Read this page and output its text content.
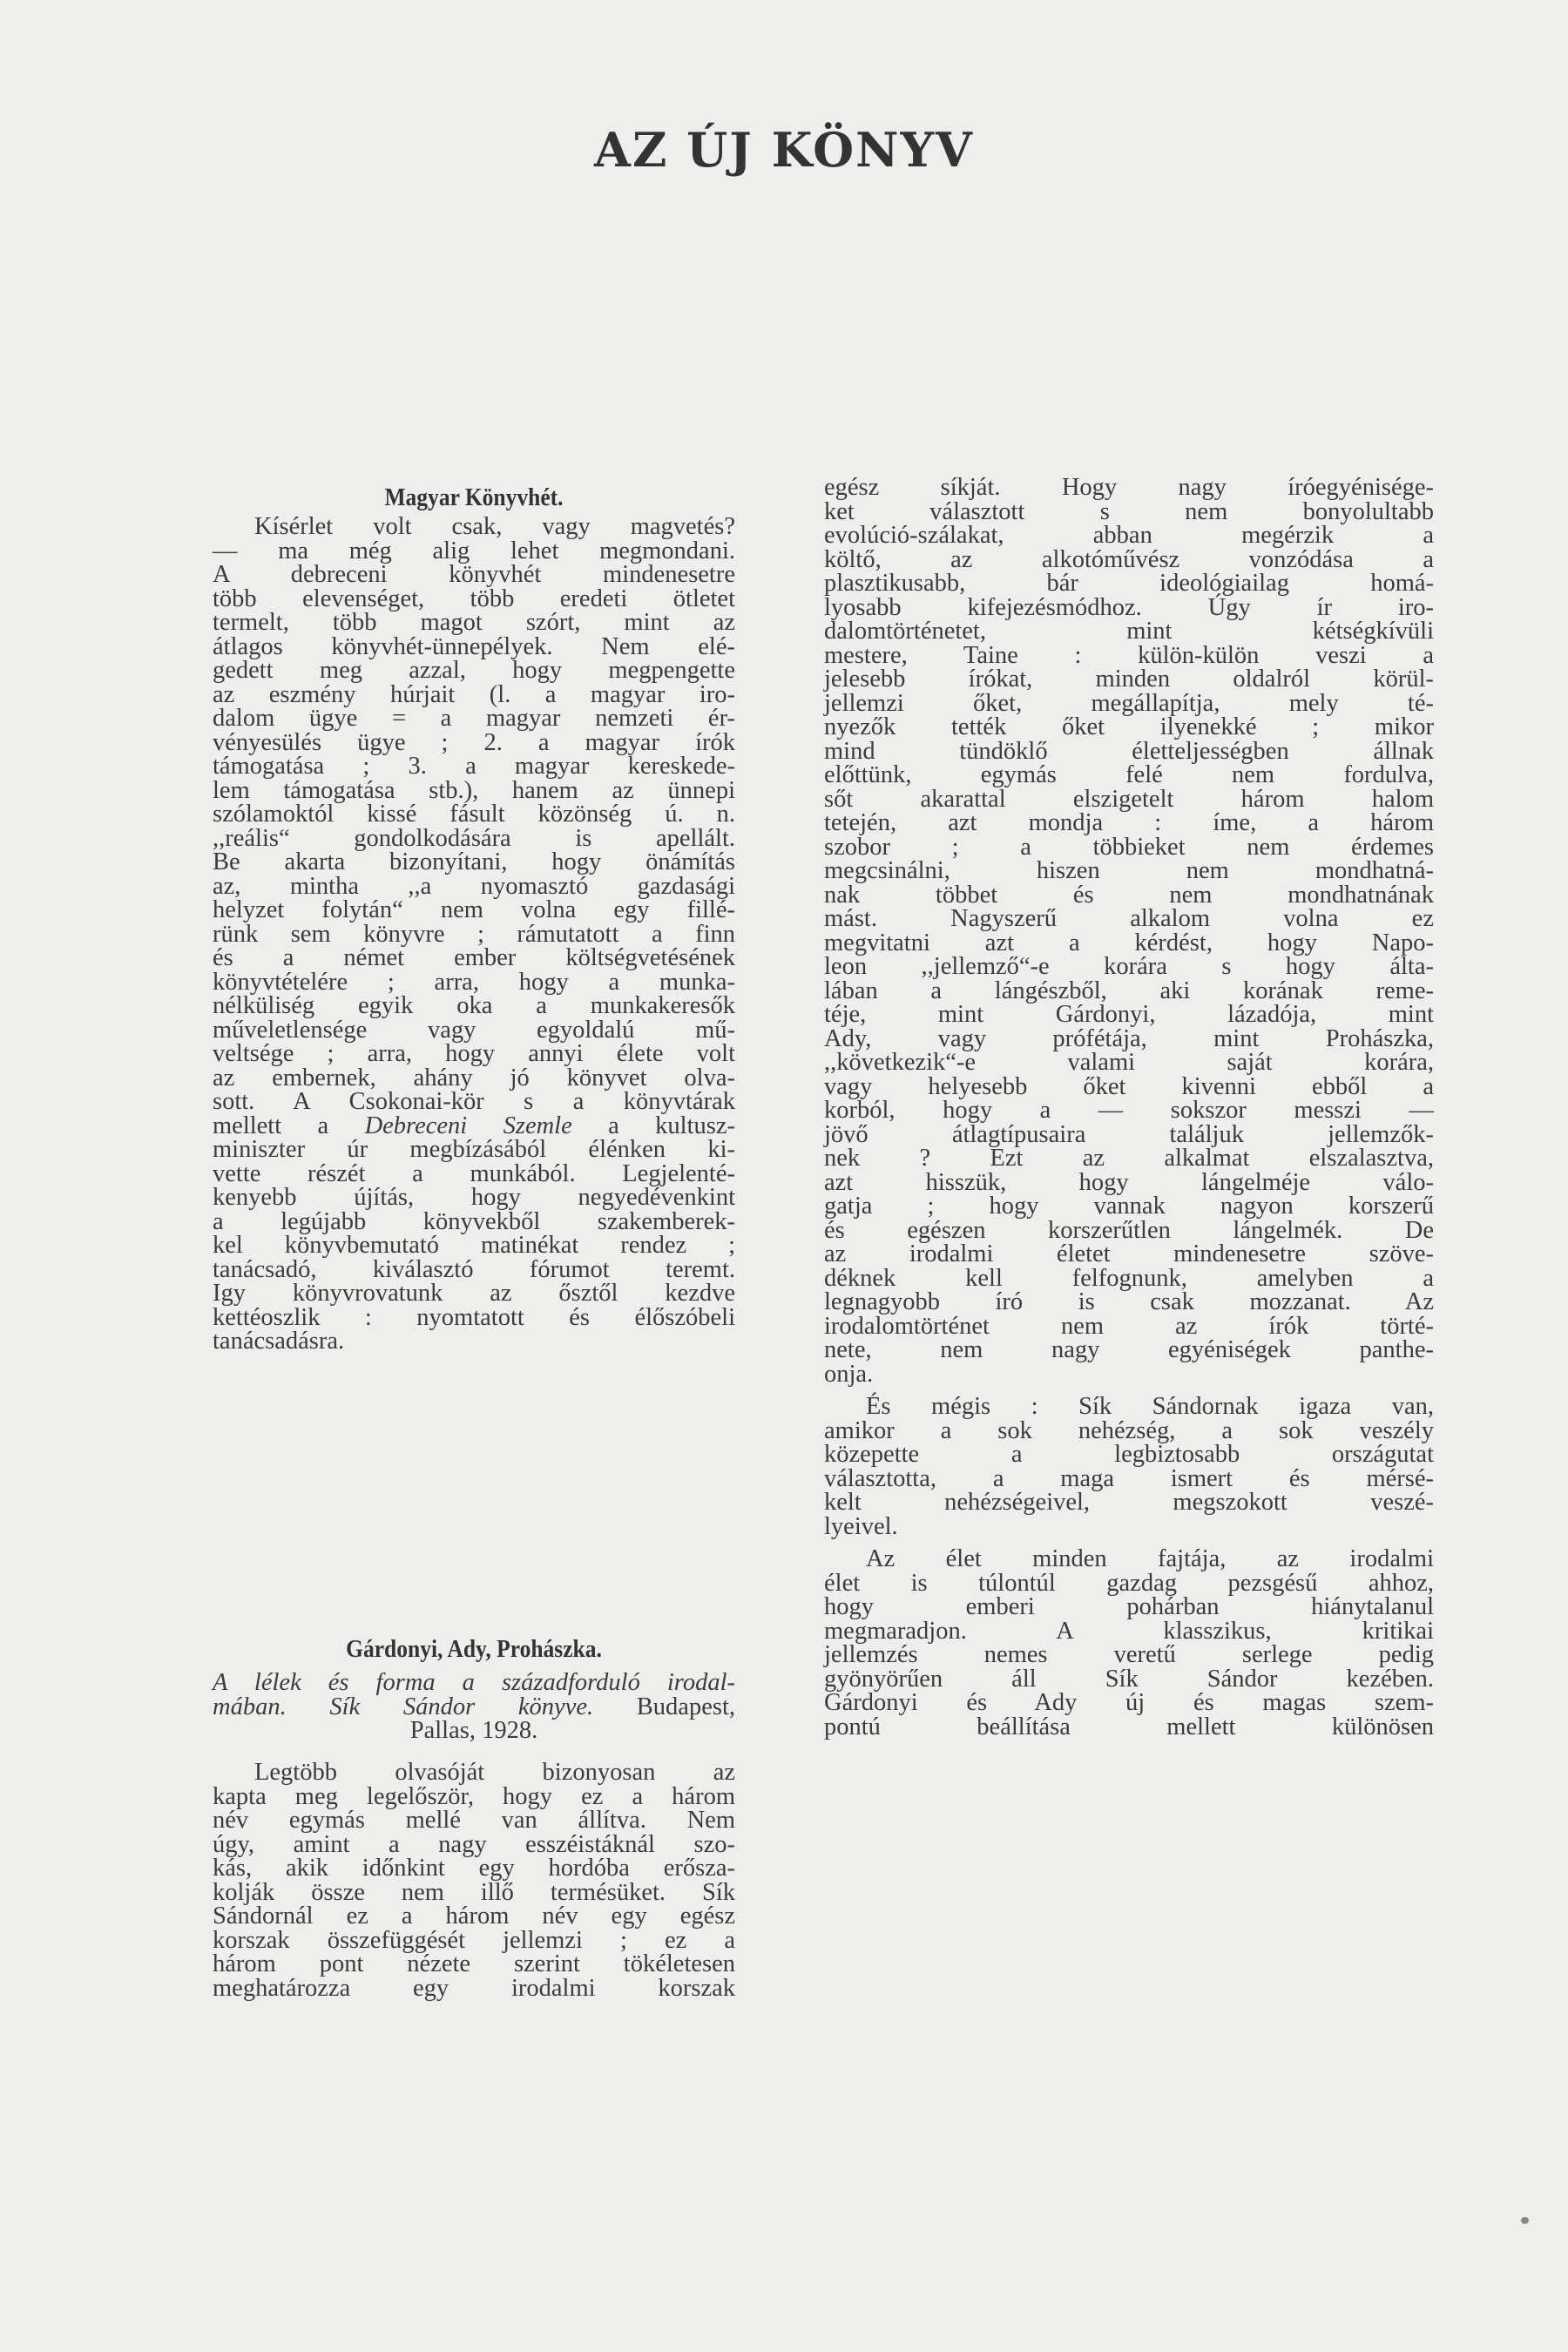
AZ ÚJ KÖNYV
Magyar Könyvhét.
Kísérlet volt csak, vagy magvetés?
— ma még alig lehet megmondani.
A debreceni könyvhét mindenesetre
több elevenséget, több eredeti ötletet
termelt, több magot szórt, mint az
átlagos könyvhét-ünnepélyek. Nem elé-
gedett meg azzal, hogy megpengette
az eszmény húrjait (l. a magyar iro-
dalom ügye = a magyar nemzeti ér-
vényesülés ügye ; 2. a magyar írók
támogatása ; 3. a magyar kereskede-
lem támogatása stb.), hanem az ünnepi
szólamoktól kissé fásult közönség ú. n.
,,reális“ gondolkodására is apellált.
Be akarta bizonyítani, hogy önámítás
az, mintha ,,a nyomasztó gazdasági
helyzet folytán“ nem volna egy fillé-
rünk sem könyvre ; rámutatott a finn
és a német ember költségvetésének
könyvtételére ; arra, hogy a munka-
nélküliség egyik oka a munkakeresők
műveletlensége vagy egyoldalú mű-
veltsége ; arra, hogy annyi élete volt
az embernek, ahány jó könyvet olva-
sott. A Csokonai-kör s a könyvtárak
mellett a Debreceni Szemle a kultusz-
miniszter úr megbízásából élénken ki-
vette részét a munkából. Legjelenté-
kenyebb újítás, hogy negyedévenkint
a legújabb könyvekből szakemberek-
kel könyvbemutató matinékat rendez ;
tanácsadó, kiválasztó fórumot teremt.
Igy könyvrovatunk az ősztől kezdve
kettéoszlik : nyomtatott és élőszóbeli
tanácsadásra.
Gárdonyi, Ady, Prohászka.
A lélek és forma a századforduló irodal-
mában. Sík Sándor könyve. Budapest,
Pallas, 1928.
Legtöbb olvasóját bizonyosan az
kapta meg legelőször, hogy ez a három
név egymás mellé van állítva. Nem
úgy, amint a nagy esszéistáknál szo-
kás, akik időnkint egy hordóba erősza-
kolják össze nem illő termésüket. Sík
Sándornál ez a három név egy egész
korszak összefüggését jellemzi ; ez a
három pont nézete szerint tökéletesen
meghatározza egy irodalmi korszak
egész síkját. Hogy nagy íróegyénisége-
ket választott s nem bonyolultabb
evolúció-szálakat, abban megérzik a
költő, az alkotóművész vonzódása a
plasztikusabb, bár ideológiailag homá-
lyosabb kifejezésmódhoz. Úgy ír iro-
dalomtörténetet, mint kétségkívüli
mestere, Taine : külön-külön veszi a
jelesebb írókat, minden oldalról körül-
jellemzi őket, megállapítja, mely té-
nyezők tették őket ilyenekké ; mikor
mind tündöklő életteljességben állnak
előttünk, egymás felé nem fordulva,
sőt akarattal elszigetelt három halom
tetején, azt mondja : íme, a három
szobor ; a többieket nem érdemes
megcsinálni, hiszen nem mondhatná-
nak többet és nem mondhatnának
mást. Nagyszerű alkalom volna ez
megvitatni azt a kérdést, hogy Napo-
leon ,,jellemző“-e korára s hogy álta-
lában a lángészből, aki korának reme-
téje, mint Gárdonyi, lázadója, mint
Ady, vagy prófétája, mint Prohászka,
,,következik“-e valami saját korára,
vagy helyesebb őket kivenni ebből a
korból, hogy a — sokszor messzi —
jövő átlagtípusaira találjuk jellemzők-
nek ? Ezt az alkalmat elszalasztva,
azt hisszük, hogy lángelméje válo-
gatja ; hogy vannak nagyon korszerű
és egészen korszerűtlen lángelmék. De
az irodalmi életet mindenesetre szöve-
déknek kell felfognunk, amelyben a
legnagyobb író is csak mozzanat. Az
irodalomtörténet nem az írók törté-
nete, nem nagy egyéniségek panthe-
onja.
És mégis : Sík Sándornak igaza van,
amikor a sok nehézség, a sok veszély
közepette a legbiztosabb országutat
választotta, a maga ismert és mérsé-
kelt nehézségeivel, megszokott veszé-
lyeivel.
Az élet minden fajtája, az irodalmi
élet is túlontúl gazdag pezsgésű ahhoz,
hogy emberi pohárban hiánytalanul
megmaradjon. A klasszikus, kritikai
jellemzés nemes veretű serlege pedig
gyönyörűen áll Sík Sándor kezében.
Gárdonyi és Ady új és magas szem-
pontú beállítása mellett különösen
